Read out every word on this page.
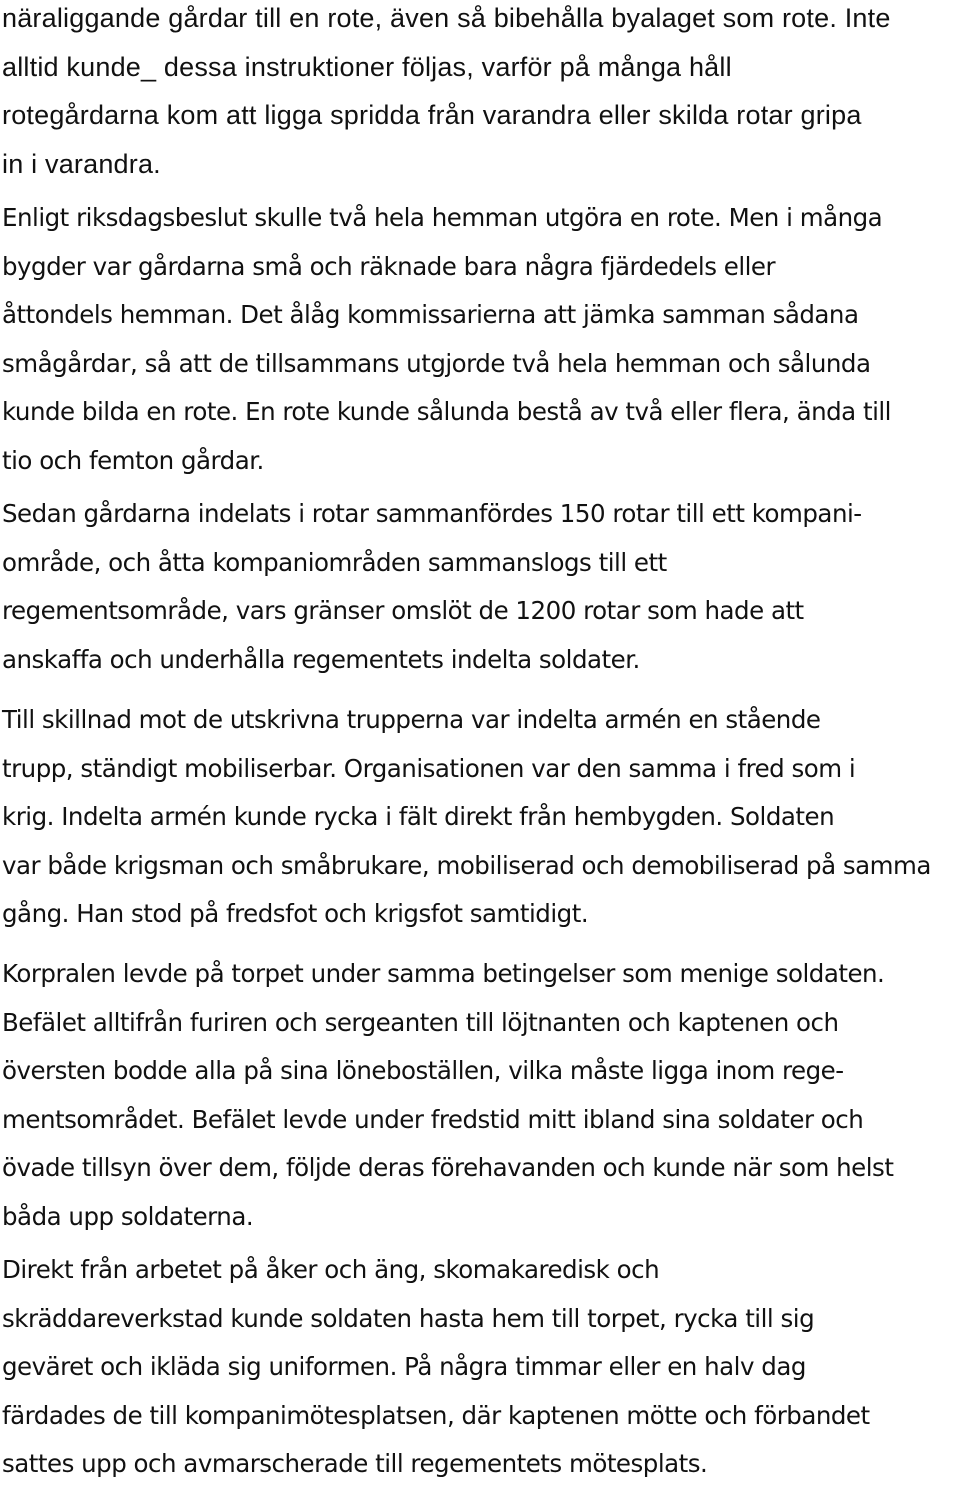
näraliggande gårdar till en rote, även så bibehålla byalaget som rote. Inte
alltid kunde_ dessa instruktioner följas, varför på många håll
rotegårdarna kom att ligga spridda från varandra eller skilda rotar gripa
in i varandra.

Enligt riksdagsbeslut skulle två hela hemman utgöra en rote. Men i många
bygder var gårdarna små och räknade bara några fjärdedels eller
åttondels hemman. Det ålåg kommissarierna att jämka samman sådana
smågårdar, så att de tillsammans utgjorde två hela hemman och sålunda
kunde bilda en rote. En rote kunde sålunda bestå av två eller flera, ända till
tio och femton gårdar.

Sedan gårdarna indelats i rotar sammanfördes 150 rotar till ett kompani-
område, och åtta kompaniområden sammanslogs till ett
regementsområde, vars gränser omslöt de 1200 rotar som hade att
anskaffa och underhålla regementets indelta soldater.

Till skillnad mot de utskrivna trupperna var indelta armén en stående
trupp, ständigt mobiliserbar. Organisationen var den samma i fred som i
krig. Indelta armén kunde rycka i fält direkt från hembygden. Soldaten
var både krigsman och småbrukare, mobiliserad och demobiliserad på samma
gång. Han stod på fredsfot och krigsfot samtidigt.

Korpralen levde på torpet under samma betingelser som menige soldaten.
Befälet alltifrån furiren och sergeanten till löjtnanten och kaptenen och
översten bodde alla på sina löneboställen, vilka måste ligga inom rege-
mentsområdet. Befälet levde under fredstid mitt ibland sina soldater och
övade tillsyn över dem, följde deras förehavanden och kunde när som helst
båda upp soldaterna.

Direkt från arbetet på åker och äng, skomakaredisk och
skräddareverkstad kunde soldaten hasta hem till torpet, rycka till sig
geväret och ikläda sig uniformen. På några timmar eller en halv dag
färdades de till kompanimötesplatsen, där kaptenen mötte och förbandet
sattes upp och avmarscherade till regementets mötesplats.
